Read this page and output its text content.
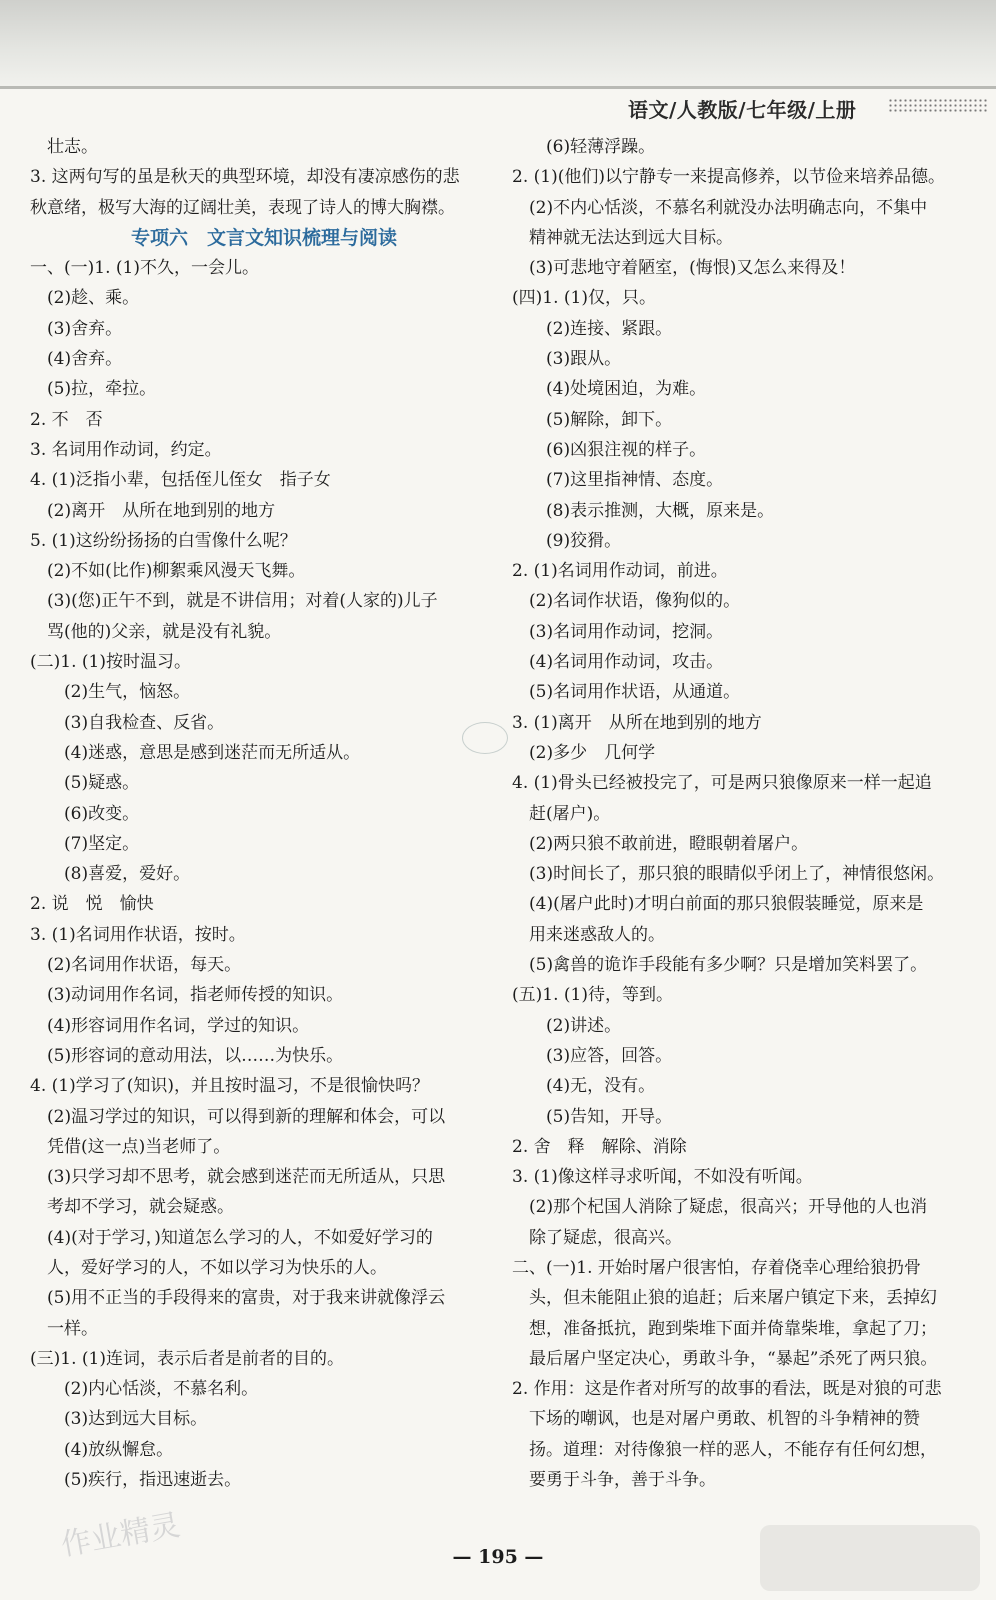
语文/人教版/七年级/上册
　壮志。
3. 这两句写的虽是秋天的典型环境，却没有凄凉感伤的悲
秋意绪，极写大海的辽阔壮美，表现了诗人的博大胸襟。
专项六　文言文知识梳理与阅读
一、(一)1. (1)不久，一会儿。
　(2)趁、乘。
　(3)舍弃。
　(4)舍弃。
　(5)拉，牵拉。
2. 不　否
3. 名词用作动词，约定。
4. (1)泛指小辈，包括侄儿侄女　指子女
　(2)离开　从所在地到别的地方
5. (1)这纷纷扬扬的白雪像什么呢？
　(2)不如(比作)柳絮乘风漫天飞舞。
　(3)(您)正午不到，就是不讲信用；对着(人家的)儿子
　骂(他的)父亲，就是没有礼貌。
(二)1. (1)按时温习。
　　(2)生气，恼怒。
　　(3)自我检查、反省。
　　(4)迷惑，意思是感到迷茫而无所适从。
　　(5)疑惑。
　　(6)改变。
　　(7)坚定。
　　(8)喜爱，爱好。
2. 说　悦　愉快
3. (1)名词用作状语，按时。
　(2)名词用作状语，每天。
　(3)动词用作名词，指老师传授的知识。
　(4)形容词用作名词，学过的知识。
　(5)形容词的意动用法，以……为快乐。
4. (1)学习了(知识)，并且按时温习，不是很愉快吗？
　(2)温习学过的知识，可以得到新的理解和体会，可以
　凭借(这一点)当老师了。
　(3)只学习却不思考，就会感到迷茫而无所适从，只思
　考却不学习，就会疑惑。
　(4)(对于学习，)知道怎么学习的人，不如爱好学习的
　人，爱好学习的人，不如以学习为快乐的人。
　(5)用不正当的手段得来的富贵，对于我来讲就像浮云
　一样。
(三)1. (1)连词，表示后者是前者的目的。
　　(2)内心恬淡，不慕名利。
　　(3)达到远大目标。
　　(4)放纵懈怠。
　　(5)疾行，指迅速逝去。
　　(6)轻薄浮躁。
2. (1)(他们)以宁静专一来提高修养，以节俭来培养品德。
　(2)不内心恬淡，不慕名利就没办法明确志向，不集中
　精神就无法达到远大目标。
　(3)可悲地守着陋室，(悔恨)又怎么来得及！
(四)1. (1)仅，只。
　　(2)连接、紧跟。
　　(3)跟从。
　　(4)处境困迫，为难。
　　(5)解除，卸下。
　　(6)凶狠注视的样子。
　　(7)这里指神情、态度。
　　(8)表示推测，大概，原来是。
　　(9)狡猾。
2. (1)名词用作动词，前进。
　(2)名词作状语，像狗似的。
　(3)名词用作动词，挖洞。
　(4)名词用作动词，攻击。
　(5)名词用作状语，从通道。
3. (1)离开　从所在地到别的地方
　(2)多少　几何学
4. (1)骨头已经被投完了，可是两只狼像原来一样一起追
　赶(屠户)。
　(2)两只狼不敢前进，瞪眼朝着屠户。
　(3)时间长了，那只狼的眼睛似乎闭上了，神情很悠闲。
　(4)(屠户此时)才明白前面的那只狼假装睡觉，原来是
　用来迷惑敌人的。
　(5)禽兽的诡诈手段能有多少啊？只是增加笑料罢了。
(五)1. (1)待，等到。
　　(2)讲述。
　　(3)应答，回答。
　　(4)无，没有。
　　(5)告知，开导。
2. 舍　释　解除、消除
3. (1)像这样寻求听闻，不如没有听闻。
　(2)那个杞国人消除了疑虑，很高兴；开导他的人也消
　除了疑虑，很高兴。
二、(一)1. 开始时屠户很害怕，存着侥幸心理给狼扔骨
　头，但未能阻止狼的追赶；后来屠户镇定下来，丢掉幻
　想，准备抵抗，跑到柴堆下面并倚靠柴堆，拿起了刀；
　最后屠户坚定决心，勇敢斗争，“暴起”杀死了两只狼。
2. 作用：这是作者对所写的故事的看法，既是对狼的可悲
　下场的嘲讽，也是对屠户勇敢、机智的斗争精神的赞
　扬。道理：对待像狼一样的恶人，不能存有任何幻想，
　要勇于斗争，善于斗争。
作业精灵	— 195 —
